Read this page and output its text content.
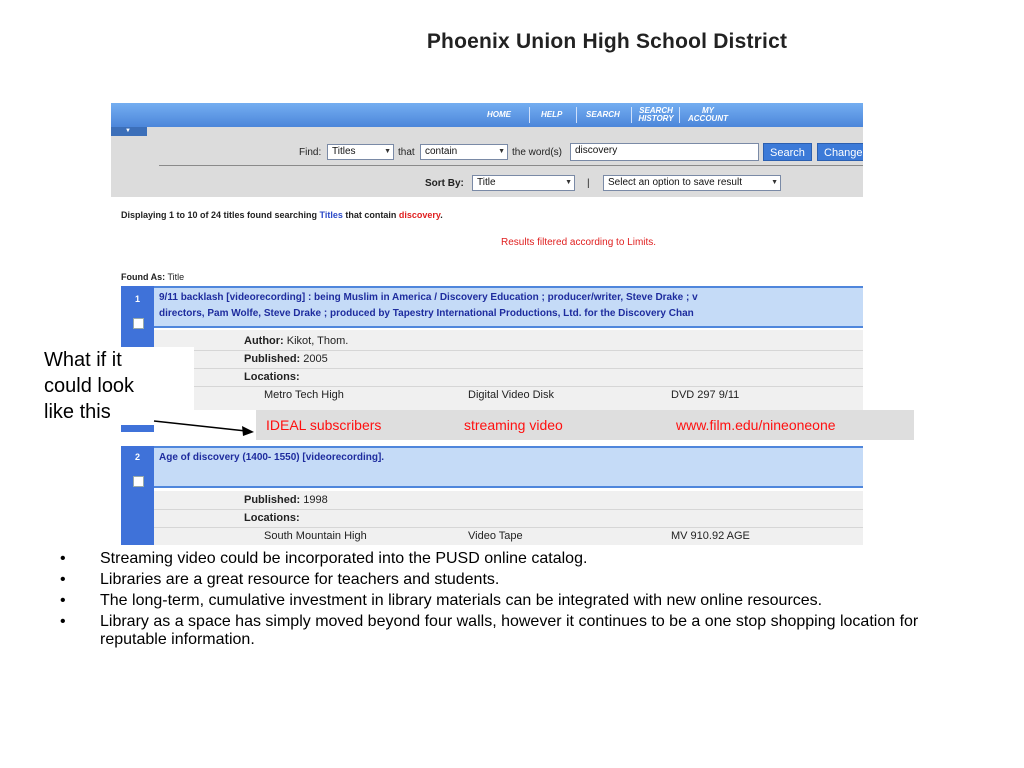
Phoenix Union High School District
HOME	HELP	SEARCH	SEARCH HISTORY
MY ACCOUNT
Find:	Titles	▼ that	contain	▼ the word(s)	discovery	Search	Change
Sort By:	Title	▼ |	Select an option to save result	▼
▼
Displaying 1 to 10 of 24 titles found searching Titles that contain discovery.
Results filtered according to Limits.
Found As: Title
1	9/11 backlash [videorecording] : being Muslim in America / Discovery Education ; producer/writer, Steve Drake ; v
directors, Pam Wolfe, Steve Drake ; produced by Tapestry International Productions, Ltd. for the Discovery Chan
Author: Kikot, Thom.
Published: 2005
Locations:
Metro Tech High	Digital Video Disk	DVD 297 9/11
2	Age of discovery (1400- 1550) [videorecording].
Published: 1998
Locations:
South Mountain High	Video Tape	MV 910.92 AGE
IDEAL subscribers	streaming video	www.film.edu/nineoneone
What if it
could look
like this
• Streaming video could be incorporated into the PUSD online catalog.
• Libraries are a great resource for teachers and students.
• The long-term, cumulative investment in library materials can be integrated with new online resources.
• Library as a space has simply moved beyond four walls, however it continues to be a one stop shopping location for reputable information.
